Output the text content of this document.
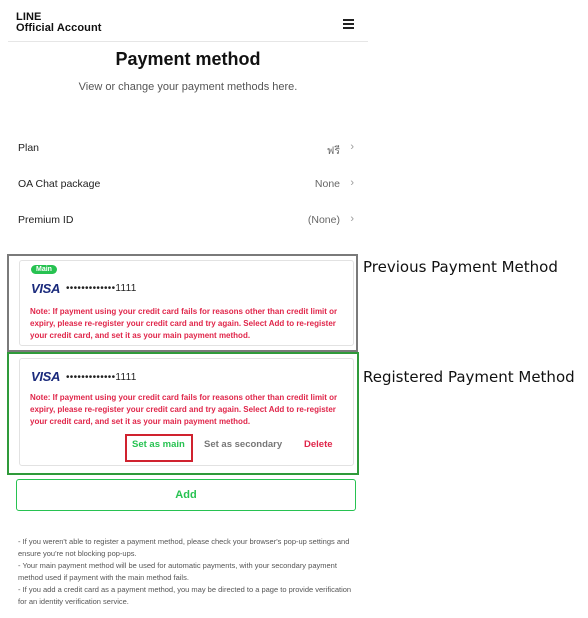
LINE
Official Account
Payment method
View or change your payment methods here.
Plan	ฟรี ›
OA Chat package	None ›
Premium ID	(None) ›
Main
VISA •••••••••••••1111
Note: If payment using your credit card fails for reasons other than credit limit or expiry, please re-register your credit card and try again. Select Add to re-register your credit card, and set it as your main payment method.
VISA •••••••••••••1111
Note: If payment using your credit card fails for reasons other than credit limit or expiry, please re-register your credit card and try again. Select Add to re-register your credit card, and set it as your main payment method.
Set as main Set as secondary Delete
Add
- If you weren't able to register a payment method, please check your browser's pop-up settings and ensure you're not blocking pop-ups.
- Your main payment method will be used for automatic payments, with your secondary payment method used if payment with the main method fails.
- If you add a credit card as a payment method, you may be directed to a page to provide verification for an identity verification service.
Previous Payment Method
Registered Payment Method
